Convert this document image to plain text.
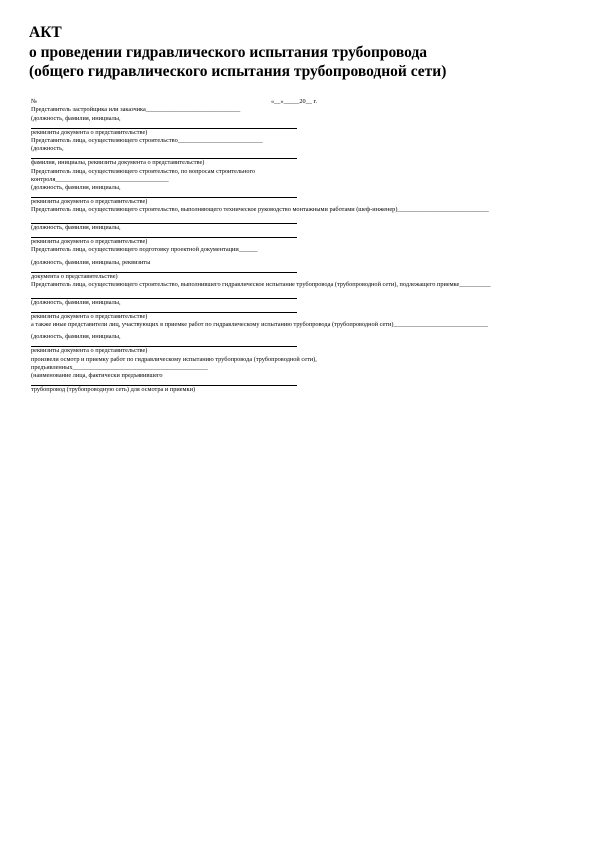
АКТ
о проведении гидравлического испытания трубопровода
(общего гидравлического испытания трубопроводной сети)
№	«__»_____20__ г.
Представитель застройщика или заказчика______________________________
(должность, фамилия, инициалы,
реквизиты документа о представительстве)
Представитель лица, осуществляющего строительство___________________________
(должность,
фамилия, инициалы, реквизиты документа о представительстве)
Представитель лица, осуществляющего строительство, по вопросам строительного
контроля____________________________________
(должность, фамилия, инициалы,
реквизиты документа о представительстве)
Представитель лица, осуществляющего строительство, выполняющего техническое руководство монтажными работами (шеф-инженер)_____________________________
(должность, фамилия, инициалы,
реквизиты документа о представительстве)
Представитель лица, осуществляющего подготовку проектной документации______
(должность, фамилия, инициалы, реквизиты
документа о представительстве)
Представитель лица, осуществляющего строительство, выполнившего гидравлическое испытание трубопровода (трубопроводной сети), подлежащего приемке__________
(должность, фамилия, инициалы,
реквизиты документа о представительстве)
а также иные представители лиц, участвующих в приемке работ по гидравлическому испытанию трубопровода (трубопроводной сети)______________________________
(должность, фамилия, инициалы,
реквизиты документа о представительстве)
произвели осмотр и приемку работ по гидравлическому испытанию трубопровода (трубопроводной сети),
предъявленных___________________________________________
(наименование лица, фактически предъявившего
трубопровод (трубопроводную сеть) для осмотра и приемки)
